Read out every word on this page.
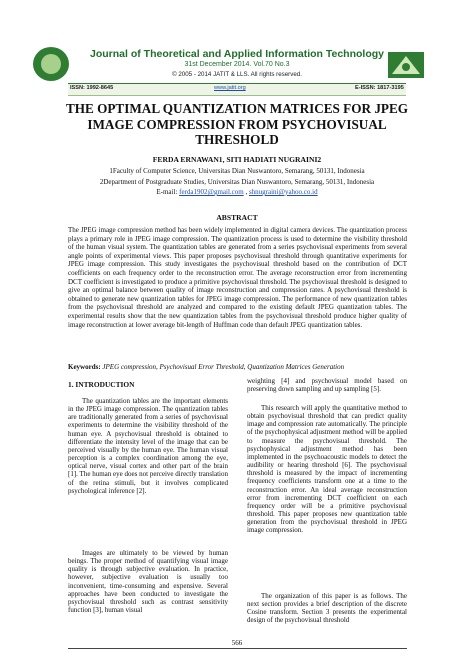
Journal of Theoretical and Applied Information Technology
31st December 2014. Vol.70 No.3
© 2005 - 2014 JATIT & LLS. All rights reserved.
ISSN: 1992-8645	www.jatit.org	E-ISSN: 1817-3195
THE OPTIMAL QUANTIZATION MATRICES FOR JPEG IMAGE COMPRESSION FROM PSYCHOVISUAL THRESHOLD
FERDA ERNAWAN1, SITI HADIATI NUGRAINI2
1Faculty of Computer Science, Universitas Dian Nuswantoro, Semarang, 50131, Indonesia
2Department of Postgraduate Studies, Universitas Dian Nuswantoro, Semarang, 50131, Indonesia
E-mail: ferda1902@gmail.com , shnugraini@yahoo.co.id
ABSTRACT
The JPEG image compression method has been widely implemented in digital camera devices. The quantization process plays a primary role in JPEG image compression. The quantization process is used to determine the visibility threshold of the human visual system. The quantization tables are generated from a series psychovisual experiments from several angle points of experimental views. This paper proposes psychovisual threshold through quantitative experiments for JPEG image compression. This study investigates the psychovisual threshold based on the contribution of DCT coefficients on each frequency order to the reconstruction error. The average reconstruction error from incrementing DCT coefficient is investigated to produce a primitive psychovisual threshold. The psychovisual threshold is designed to give an optimal balance between quality of image reconstruction and compression rates. A psychovisual threshold is obtained to generate new quantization tables for JPEG image compression. The performance of new quantization tables from the psychovisual threshold are analyzed and compared to the existing default JPEG quantization tables. The experimental results show that the new quantization tables from the psychovisual threshold produce higher quality of image reconstruction at lower average bit-length of Huffman code than default JPEG quantization tables.
Keywords: JPEG compression, Psychovisual Error Threshold, Quantization Matrices Generation
1. INTRODUCTION
The quantization tables are the important elements in the JPEG image compression. The quantization tables are traditionally generated from a series of psychovisual experiments to determine the visibility threshold of the human eye. A psychovisual threshold is obtained to differentiate the intensity level of the image that can be perceived visually by the human eye. The human visual perception is a complex coordination among the eye, optical nerve, visual cortex and other part of the brain [1]. The human eye does not perceive directly translation of the retina stimuli, but it involves complicated psychological inference [2].
Images are ultimately to be viewed by human beings. The proper method of quantifying visual image quality is through subjective evaluation. In practice, however, subjective evaluation is usually too inconvenient, time-consuming and expensive. Several approaches have been conducted to investigate the psychovisual threshold such as contrast sensitivity function [3], human visual
weighting [4] and psychovisual model based on preserving down sampling and up sampling [5].
This research will apply the quantitative method to obtain psychovisual threshold that can predict quality image and compression rate automatically. The principle of the psychophysical adjustment method will be applied to measure the psychovisual threshold. The psychophysical adjustment method has been implemented in the psychoacoustic models to detect the audibility or hearing threshold [6]. The psychovisual threshold is measured by the impact of incrementing frequency coefficients transform one at a time to the reconstruction error. An ideal average reconstruction error from incrementing DCT coefficient on each frequency order will be a primitive psychovisual threshold. This paper proposes new quantization table generation from the psychovisual threshold in JPEG image compression.
The organization of this paper is as follows. The next section provides a brief description of the discrete Cosine transform. Section 3 presents the experimental design of the psychovisual threshold
566
